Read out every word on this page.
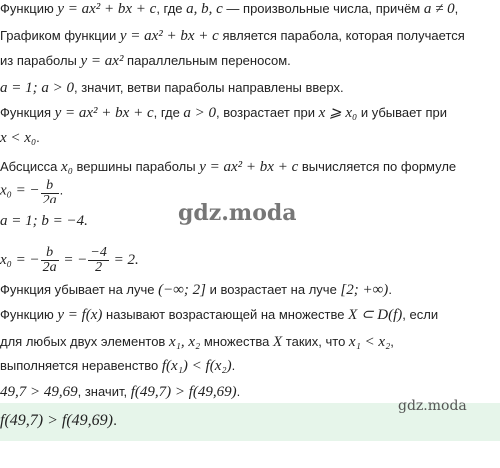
Функцию y = ax² + bx + c, где a, b, c — произвольные числа, причём a ≠ 0,
Графиком функции y = ax² + bx + c является парабола, которая получается
из параболы y = ax² параллельным переносом.
a = 1; a > 0, значит, ветви параболы направлены вверх.
Функция y = ax² + bx + c, где a > 0, возрастает при x ⩾ x₀ и убывает при
x < x₀.
Абсцисса x₀ вершины параболы y = ax² + bx + c вычисляется по формуле
x₀ = − $\frac{b}{2a}$ .
a = 1; b = −4.	gdz.moda
x₀ = − $\frac{b}{2a}$ = − $\frac{-4}{2} = 2$.
Функция убывает на луче (−∞; 2] и возрастает на луче [2; +∞).
Функцию y = f(x) называют возрастающей на множестве X ⊂ D(f), если
для любых двух элементов x₁, x₂ множества X таких, что x₁ < x₂,
выполняется неравенство f(x₁) < f(x₂).
49,7 > 49,69, значит, f(49,7) > f(49,69).
gdz.moda
f(49,7) > f(49,69).
